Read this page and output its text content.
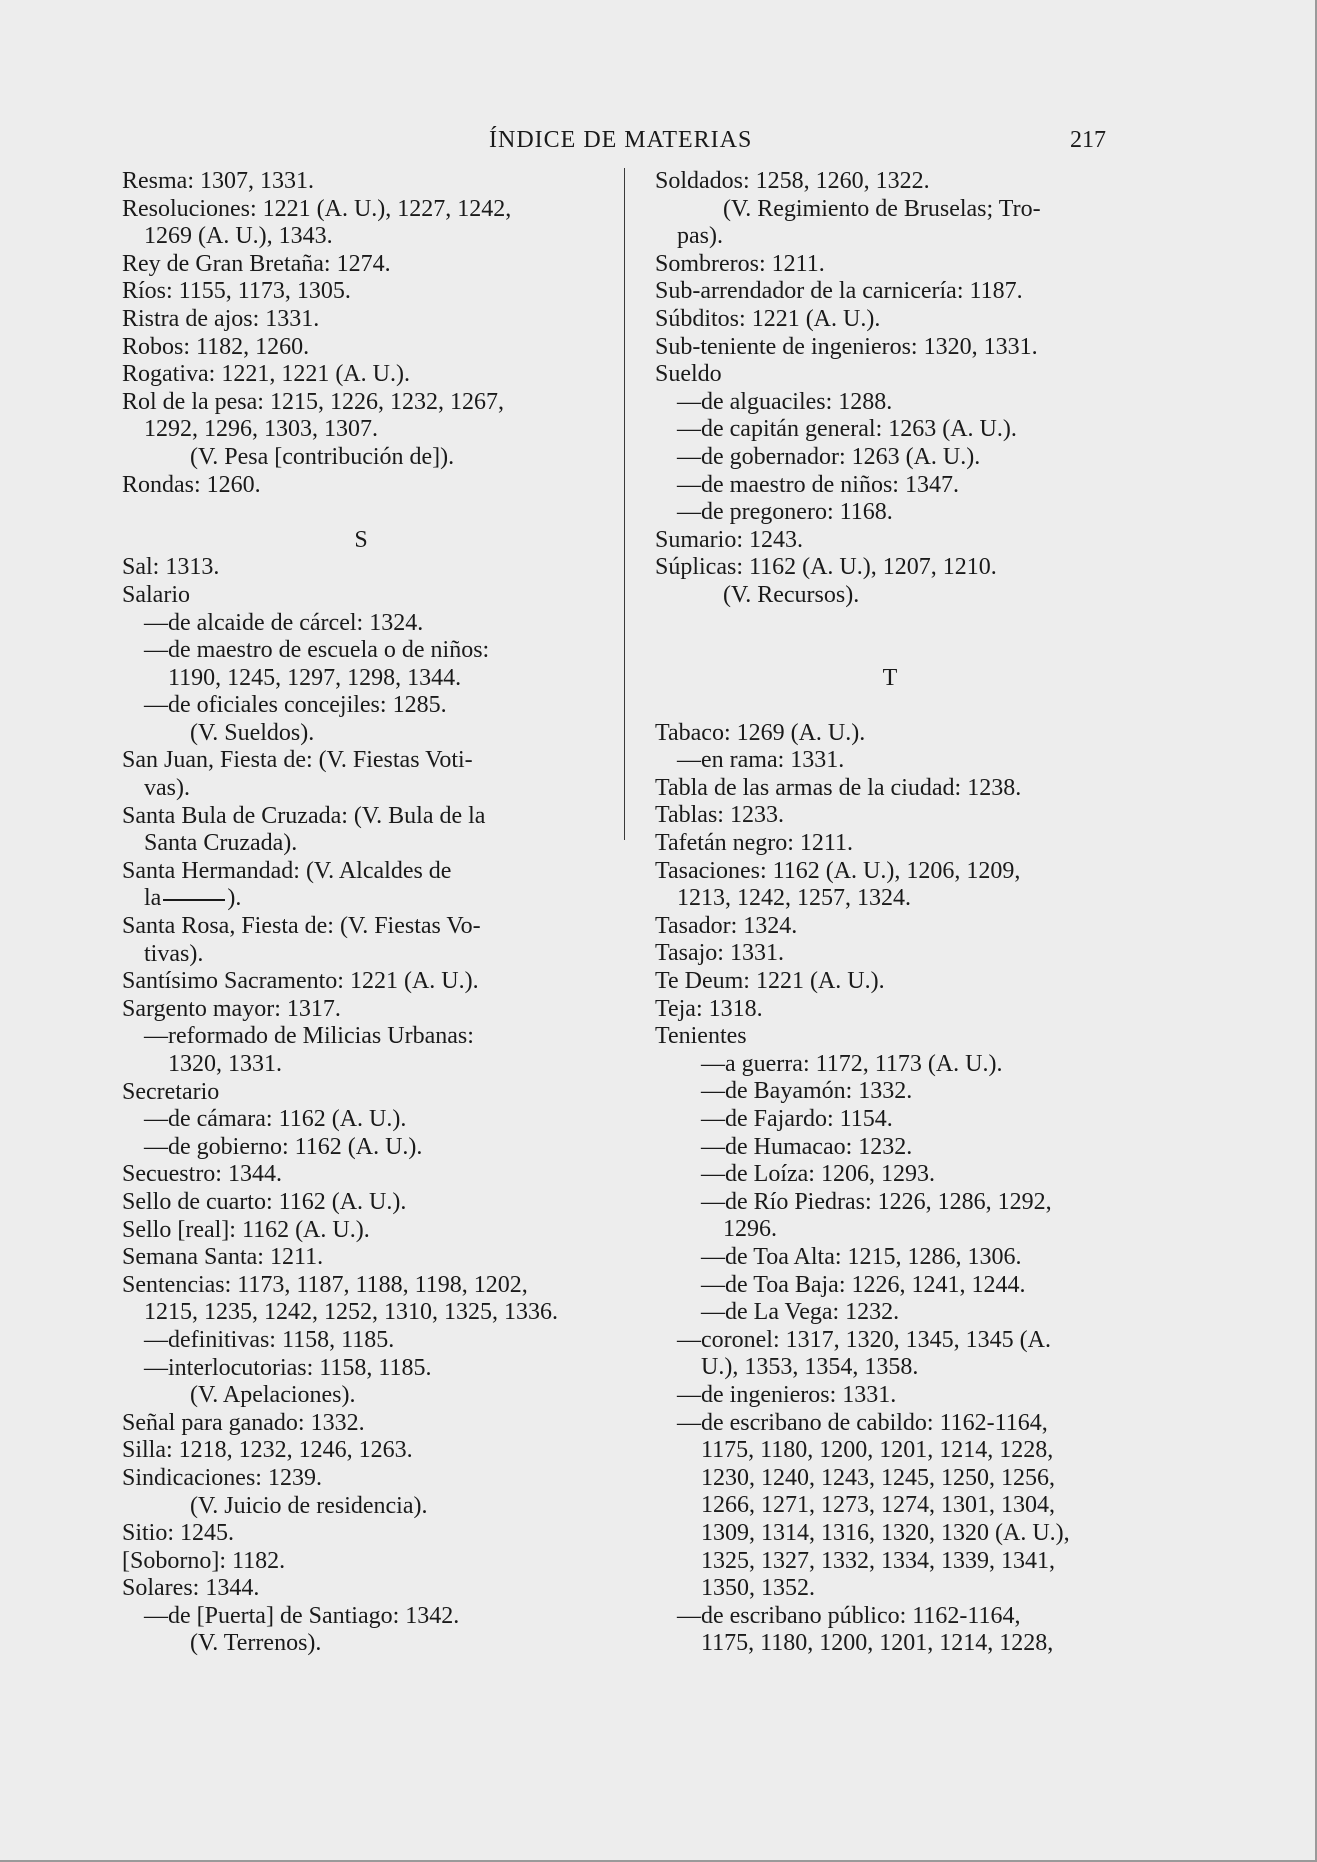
ÍNDICE DE MATERIAS	217
Resma: 1307, 1331.
Resoluciones: 1221 (A. U.), 1227, 1242,
1269 (A. U.), 1343.
Rey de Gran Bretaña: 1274.
Ríos: 1155, 1173, 1305.
Ristra de ajos: 1331.
Robos: 1182, 1260.
Rogativa: 1221, 1221 (A. U.).
Rol de la pesa: 1215, 1226, 1232, 1267,
1292, 1296, 1303, 1307.
(V. Pesa [contribución de]).
Rondas: 1260.
S
Sal: 1313.
Salario
—de alcaide de cárcel: 1324.
—de maestro de escuela o de niños:
1190, 1245, 1297, 1298, 1344.
—de oficiales concejiles: 1285.
(V. Sueldos).
San Juan, Fiesta de: (V. Fiestas Voti-
vas).
Santa Bula de Cruzada: (V. Bula de la
Santa Cruzada).
Santa Hermandad: (V. Alcaldes de
la	).
Santa Rosa, Fiesta de: (V. Fiestas Vo-
tivas).
Santísimo Sacramento: 1221 (A. U.).
Sargento mayor: 1317.
—reformado de Milicias Urbanas:
1320, 1331.
Secretario
—de cámara: 1162 (A. U.).
—de gobierno: 1162 (A. U.).
Secuestro: 1344.
Sello de cuarto: 1162 (A. U.).
Sello [real]: 1162 (A. U.).
Semana Santa: 1211.
Sentencias: 1173, 1187, 1188, 1198, 1202,
1215, 1235, 1242, 1252, 1310, 1325, 1336.
—definitivas: 1158, 1185.
—interlocutorias: 1158, 1185.
(V. Apelaciones).
Señal para ganado: 1332.
Silla: 1218, 1232, 1246, 1263.
Sindicaciones: 1239.
(V. Juicio de residencia).
Sitio: 1245.
[Soborno]: 1182.
Solares: 1344.
—de [Puerta] de Santiago: 1342.
(V. Terrenos).
Soldados: 1258, 1260, 1322.
(V. Regimiento de Bruselas; Tro-
pas).
Sombreros: 1211.
Sub-arrendador de la carnicería: 1187.
Súbditos: 1221 (A. U.).
Sub-teniente de ingenieros: 1320, 1331.
Sueldo
—de alguaciles: 1288.
—de capitán general: 1263 (A. U.).
—de gobernador: 1263 (A. U.).
—de maestro de niños: 1347.
—de pregonero: 1168.
Sumario: 1243.
Súplicas: 1162 (A. U.), 1207, 1210.
(V. Recursos).
T
Tabaco: 1269 (A. U.).
—en rama: 1331.
Tabla de las armas de la ciudad: 1238.
Tablas: 1233.
Tafetán negro: 1211.
Tasaciones: 1162 (A. U.), 1206, 1209,
1213, 1242, 1257, 1324.
Tasador: 1324.
Tasajo: 1331.
Te Deum: 1221 (A. U.).
Teja: 1318.
Tenientes
—a guerra: 1172, 1173 (A. U.).
—de Bayamón: 1332.
—de Fajardo: 1154.
—de Humacao: 1232.
—de Loíza: 1206, 1293.
—de Río Piedras: 1226, 1286, 1292,
1296.
—de Toa Alta: 1215, 1286, 1306.
—de Toa Baja: 1226, 1241, 1244.
—de La Vega: 1232.
—coronel: 1317, 1320, 1345, 1345 (A.
U.), 1353, 1354, 1358.
—de ingenieros: 1331.
—de escribano de cabildo: 1162-1164,
1175, 1180, 1200, 1201, 1214, 1228,
1230, 1240, 1243, 1245, 1250, 1256,
1266, 1271, 1273, 1274, 1301, 1304,
1309, 1314, 1316, 1320, 1320 (A. U.),
1325, 1327, 1332, 1334, 1339, 1341,
1350, 1352.
—de escribano público: 1162-1164,
1175, 1180, 1200, 1201, 1214, 1228,
